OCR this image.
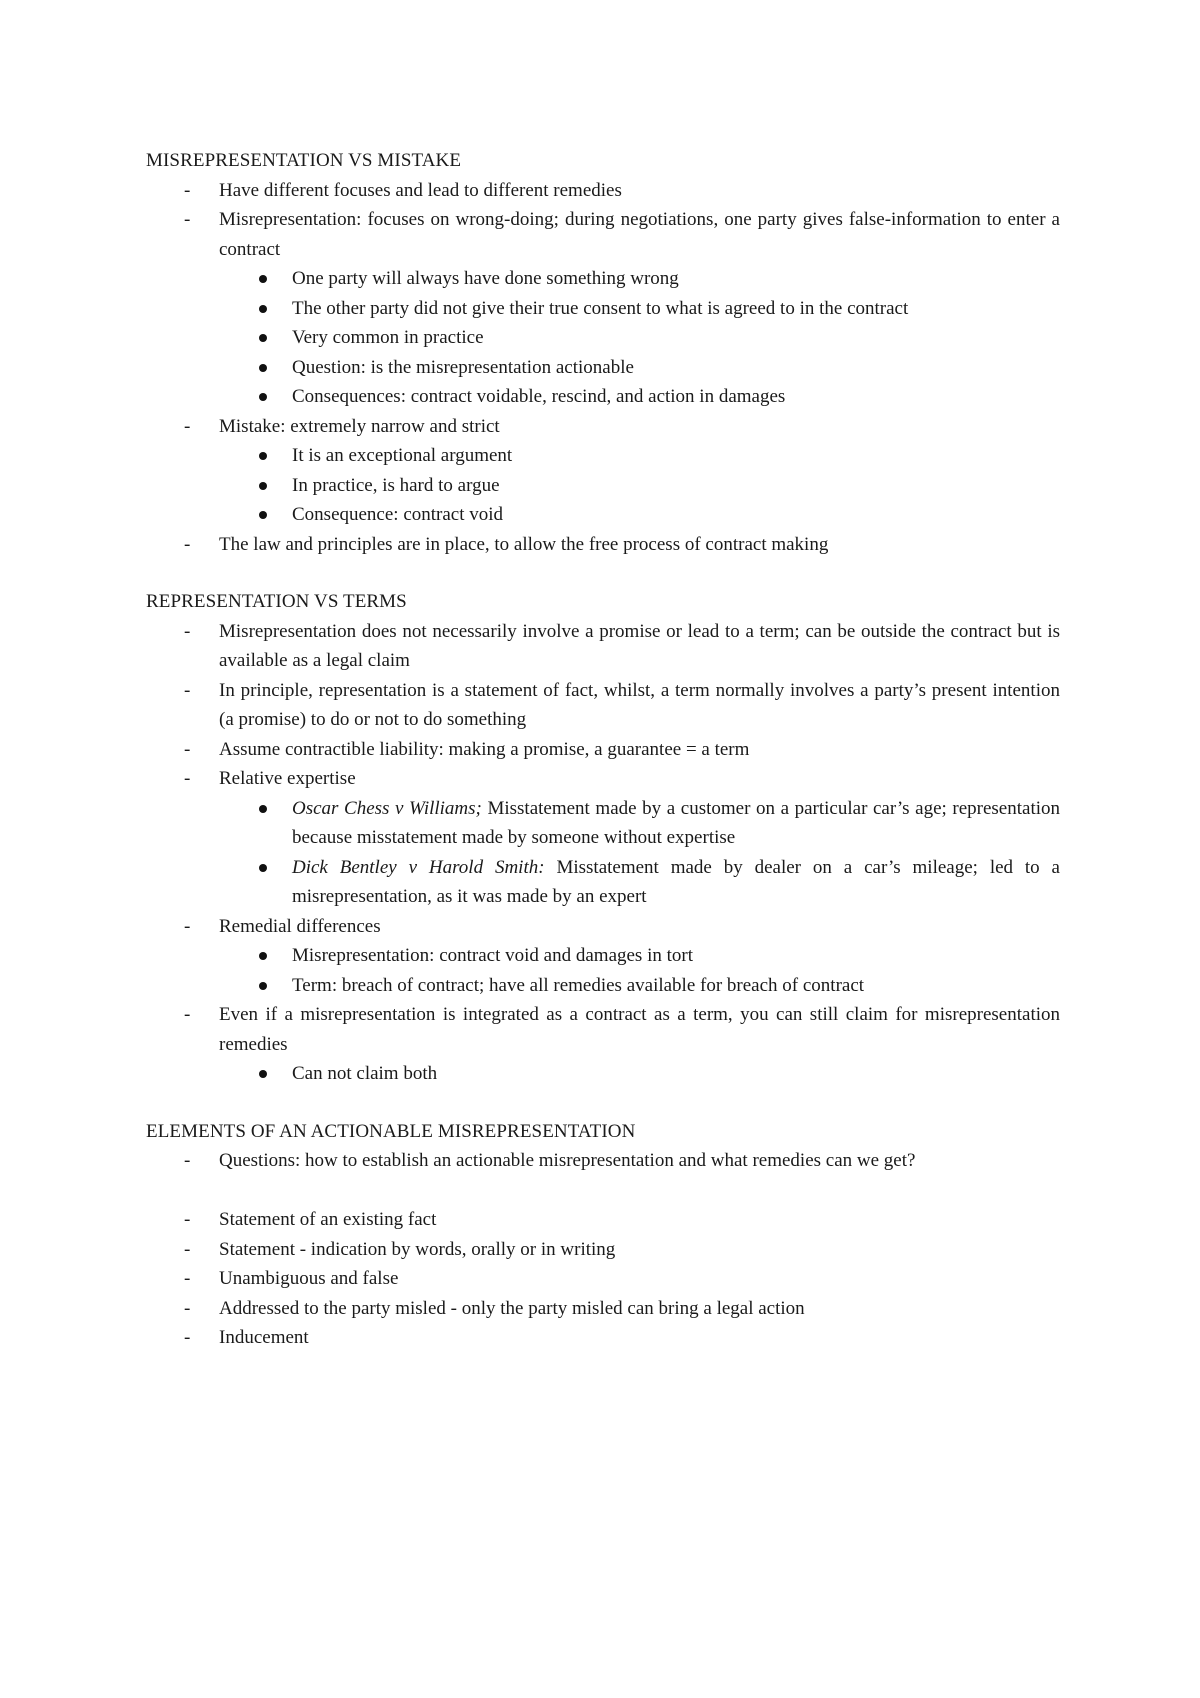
MISREPRESENTATION VS MISTAKE
- Have different focuses and lead to different remedies
- Misrepresentation: focuses on wrong-doing; during negotiations, one party gives false-information to enter a contract
One party will always have done something wrong
The other party did not give their true consent to what is agreed to in the contract
Very common in practice
Question: is the misrepresentation actionable
Consequences: contract voidable, rescind, and action in damages
- Mistake: extremely narrow and strict
It is an exceptional argument
In practice, is hard to argue
Consequence: contract void
- The law and principles are in place, to allow the free process of contract making
REPRESENTATION VS TERMS
- Misrepresentation does not necessarily involve a promise or lead to a term; can be outside the contract but is available as a legal claim
- In principle, representation is a statement of fact, whilst, a term normally involves a party’s present intention (a promise) to do or not to do something
- Assume contractible liability: making a promise, a guarantee = a term
- Relative expertise
Oscar Chess v Williams; Misstatement made by a customer on a particular car’s age; representation because misstatement made by someone without expertise
Dick Bentley v Harold Smith: Misstatement made by dealer on a car’s mileage; led to a misrepresentation, as it was made by an expert
- Remedial differences
Misrepresentation: contract void and damages in tort
Term: breach of contract; have all remedies available for breach of contract
- Even if a misrepresentation is integrated as a contract as a term, you can still claim for misrepresentation remedies
Can not claim both
ELEMENTS OF AN ACTIONABLE MISREPRESENTATION
- Questions: how to establish an actionable misrepresentation and what remedies can we get?
- Statement of an existing fact
- Statement - indication by words, orally or in writing
- Unambiguous and false
- Addressed to the party misled - only the party misled can bring a legal action
- Inducement
